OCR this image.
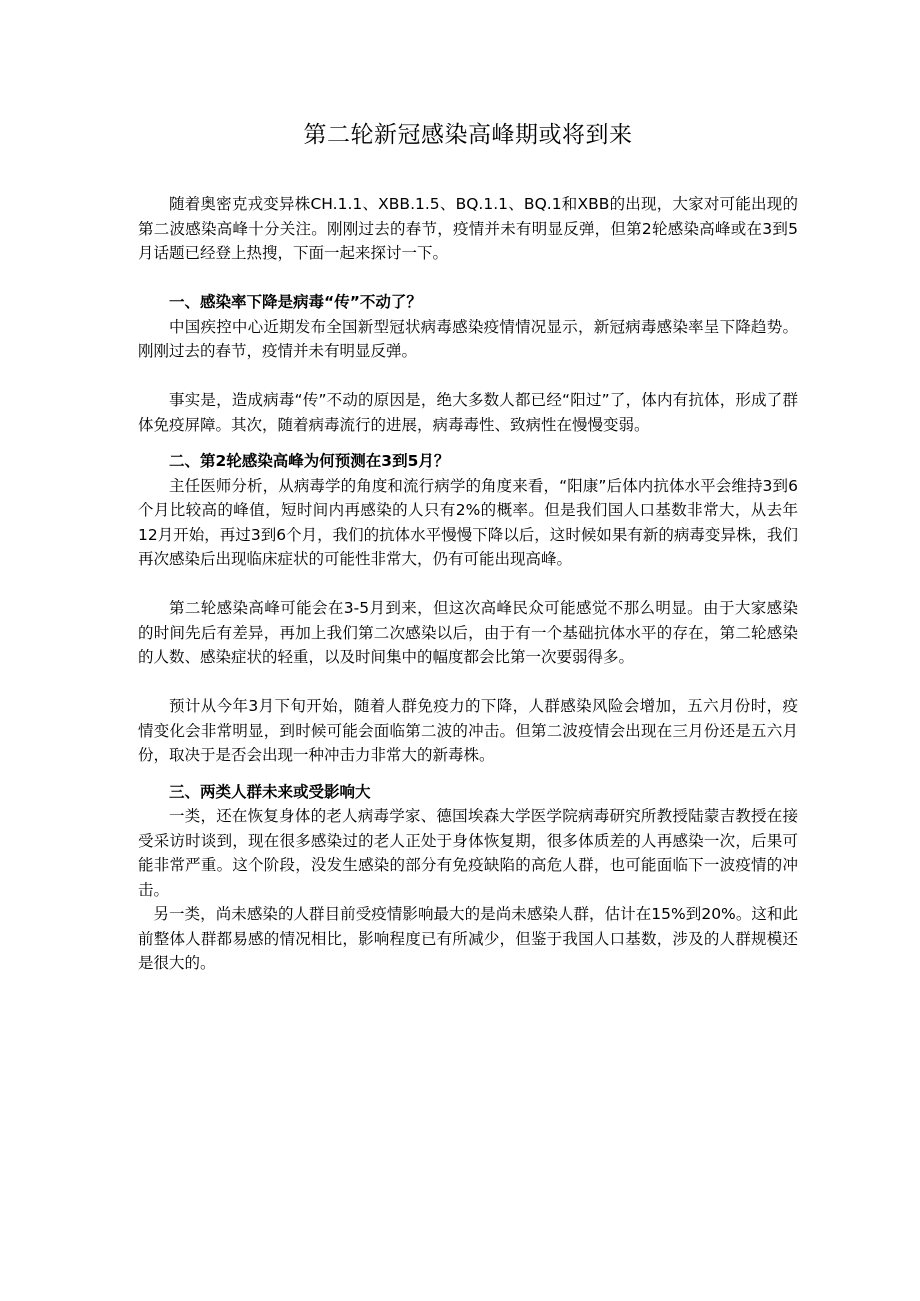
第二轮新冠感染高峰期或将到来

随着奥密克戎变异株CH.1.1、XBB.1.5、BQ.1.1、BQ.1和XBB的出现，大家对可能出现的第二波感染高峰十分关注。刚刚过去的春节，疫情并未有明显反弹，但第2轮感染高峰或在3到5月话题已经登上热搜，下面一起来探讨一下。

一、感染率下降是病毒“传”不动了？

中国疾控中心近期发布全国新型冠状病毒感染疫情情况显示，新冠病毒感染率呈下降趋势。刚刚过去的春节，疫情并未有明显反弹。

事实是，造成病毒“传”不动的原因是，绝大多数人都已经“阳过”了，体内有抗体，形成了群体免疫屏障。其次，随着病毒流行的进展，病毒毒性、致病性在慢慢变弱。

二、第2轮感染高峰为何预测在3到5月？

主任医师分析，从病毒学的角度和流行病学的角度来看，“阳康”后体内抗体水平会维持3到6个月比较高的峰值，短时间内再感染的人只有2%的概率。但是我们国人口基数非常大，从去年12月开始，再过3到6个月，我们的抗体水平慢慢下降以后，这时候如果有新的病毒变异株，我们再次感染后出现临床症状的可能性非常大，仍有可能出现高峰。

第二轮感染高峰可能会在3-5月到来，但这次高峰民众可能感觉不那么明显。由于大家感染的时间先后有差异，再加上我们第二次感染以后，由于有一个基础抗体水平的存在，第二轮感染的人数、感染症状的轻重，以及时间集中的幅度都会比第一次要弱得多。

预计从今年3月下旬开始，随着人群免疫力的下降，人群感染风险会增加，五六月份时，疫情变化会非常明显，到时候可能会面临第二波的冲击。但第二波疫情会出现在三月份还是五六月份，取决于是否会出现一种冲击力非常大的新毒株。

三、两类人群未来或受影响大

一类，还在恢复身体的老人病毒学家、德国埃森大学医学院病毒研究所教授陆蒙吉教授在接受采访时谈到，现在很多感染过的老人正处于身体恢复期，很多体质差的人再感染一次，后果可能非常严重。这个阶段，没发生感染的部分有免疫缺陷的高危人群，也可能面临下一波疫情的冲击。

另一类，尚未感染的人群目前受疫情影响最大的是尚未感染人群，估计在15%到20%。这和此前整体人群都易感的情况相比，影响程度已有所减少，但鉴于我国人口基数，涉及的人群规模还是很大的。
